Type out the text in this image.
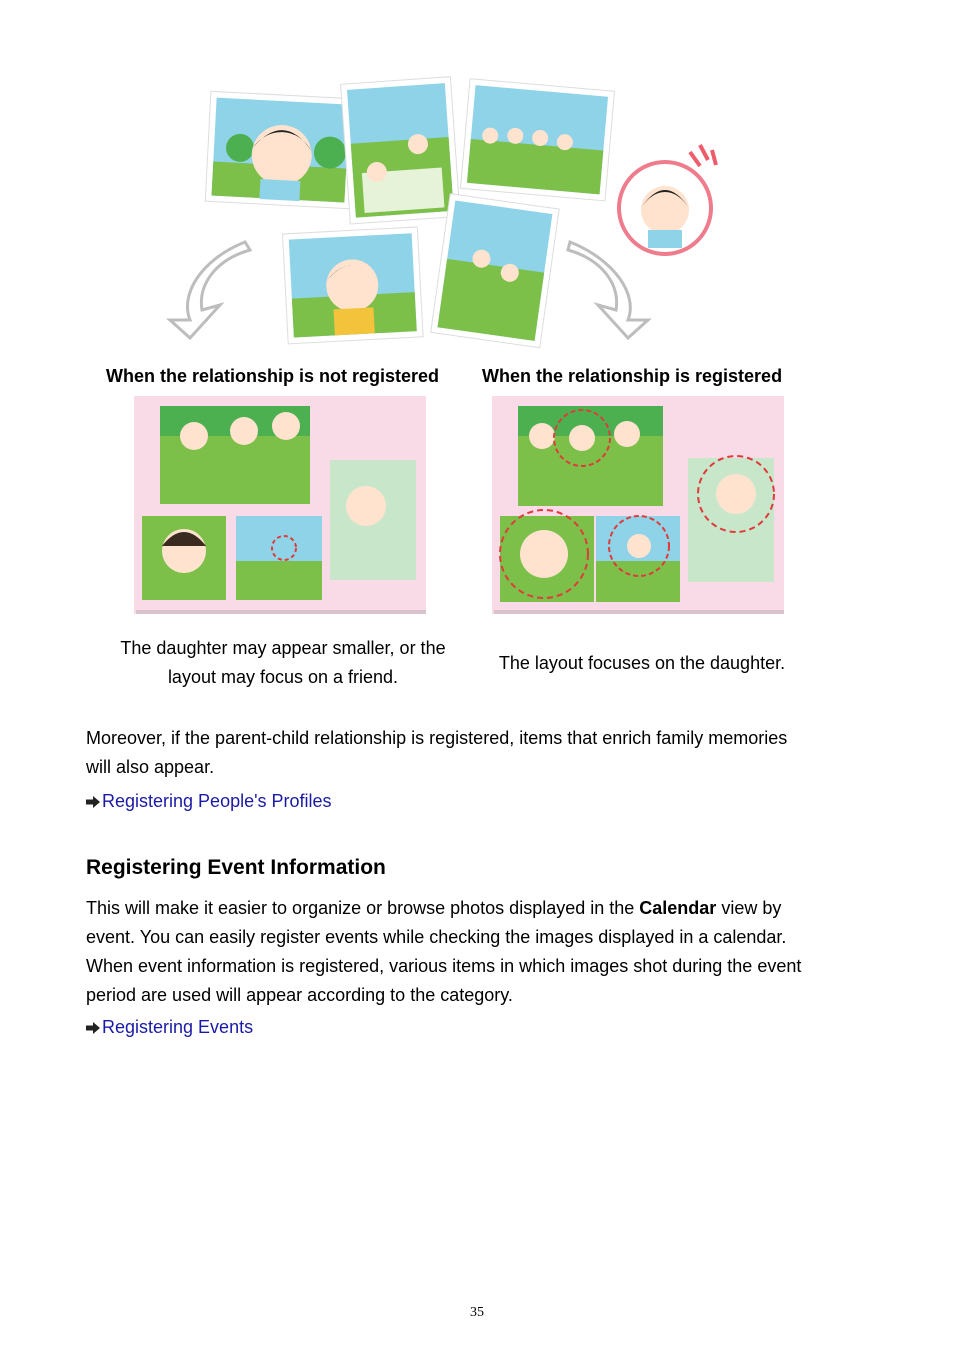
When the relationship is not registered When the relationship is registered
The daughter may appear smaller, or the
layout may focus on a friend.
The layout focuses on the daughter.
Moreover, if the parent-child relationship is registered, items that enrich family memories
will also appear.
Registering People's Profiles
Registering Event Information
This will make it easier to organize or browse photos displayed in the Calendar view by
event. You can easily register events while checking the images displayed in a calendar.
When event information is registered, various items in which images shot during the event
period are used will appear according to the category.
Registering Events
35
